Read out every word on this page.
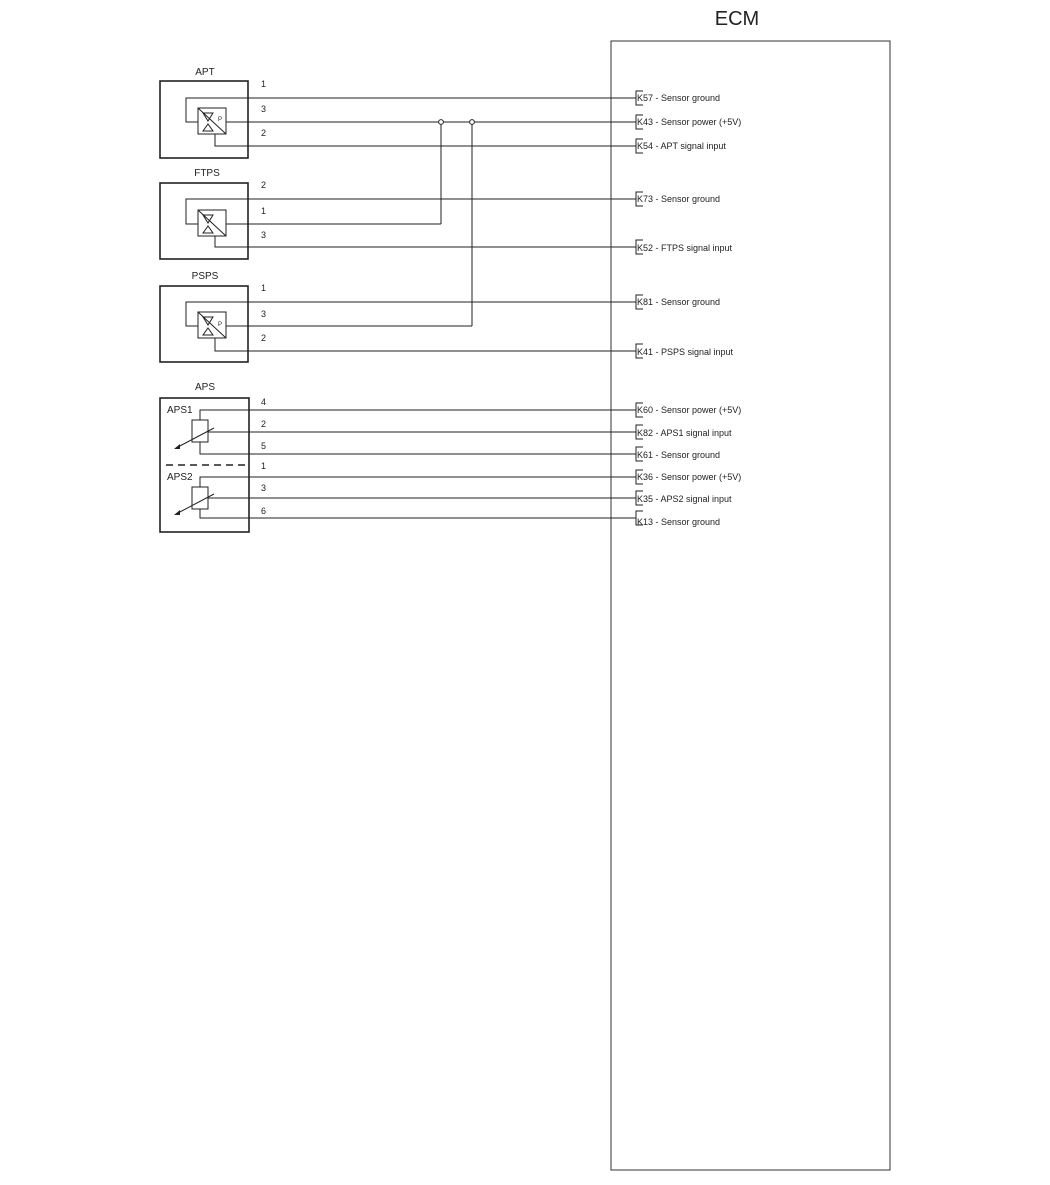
ECM
APT
P
1
3
2
FTPS
2
1
3
PSPS
P
1
3
2
APS
APS1
APS2
4
2
5
1
3
6
K57 - Sensor ground
K43 - Sensor power (+5V)
K54 - APT signal input
K73 - Sensor ground
K52 - FTPS signal input
K81 - Sensor ground
K41 - PSPS signal input
K60 - Sensor power (+5V)
K82 - APS1 signal input
K61 - Sensor ground
K36 - Sensor power (+5V)
K35 - APS2 signal input
K13 - Sensor ground
